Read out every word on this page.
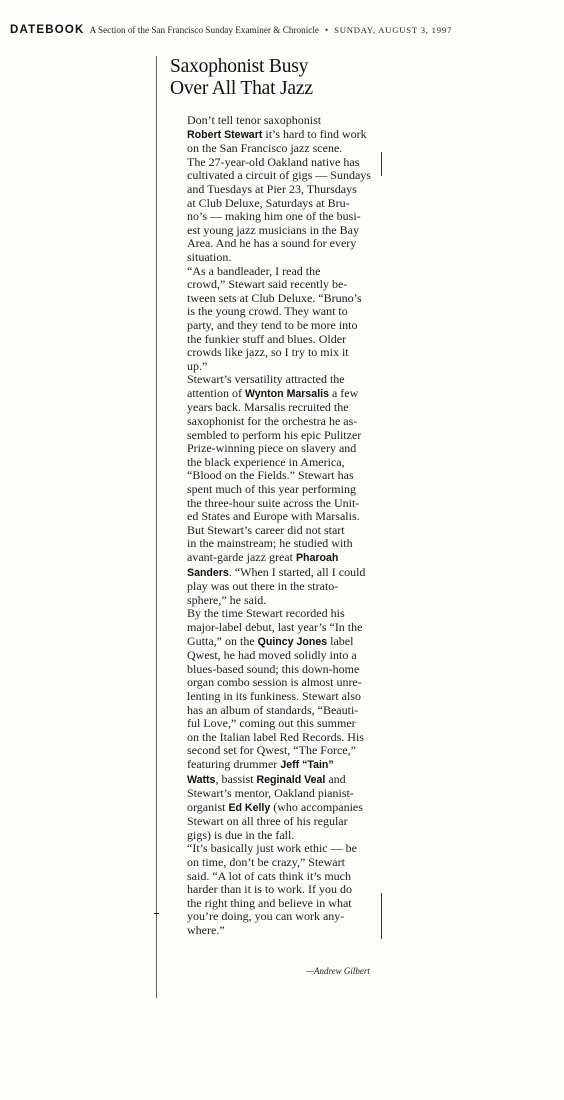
DATEBOOK A Section of the San Francisco Sunday Examiner & Chronicle • SUNDAY, AUGUST 3, 1997
Saxophonist Busy
Over All That Jazz

Don’t tell tenor saxophonist
Robert Stewart it’s hard to find work
on the San Francisco jazz scene.
The 27-year-old Oakland native has
cultivated a circuit of gigs — Sundays
and Tuesdays at Pier 23, Thursdays
at Club Deluxe, Saturdays at Bru-
no’s — making him one of the busi-
est young jazz musicians in the Bay
Area. And he has a sound for every
situation.

“As a bandleader, I read the
crowd,” Stewart said recently be-
tween sets at Club Deluxe. “Bruno’s
is the young crowd. They want to
party, and they tend to be more into
the funkier stuff and blues. Older
crowds like jazz, so I try to mix it
up.”

Stewart’s versatility attracted the
attention of Wynton Marsalis a few
years back. Marsalis recruited the
saxophonist for the orchestra he as-
sembled to perform his epic Pulitzer
Prize-winning piece on slavery and
the black experience in America,
“Blood on the Fields.” Stewart has
spent much of this year performing
the three-hour suite across the Unit-
ed States and Europe with Marsalis.

But Stewart’s career did not start
in the mainstream; he studied with
avant-garde jazz great Pharoah
Sanders. “When I started, all I could
play was out there in the strato-
sphere,” he said.

By the time Stewart recorded his
major-label debut, last year’s “In the
Gutta,” on the Quincy Jones label
Qwest, he had moved solidly into a
blues-based sound; this down-home
organ combo session is almost unre-
lenting in its funkiness. Stewart also
has an album of standards, “Beauti-
ful Love,” coming out this summer
on the Italian label Red Records. His
second set for Qwest, “The Force,”
featuring drummer Jeff “Tain”
Watts, bassist Reginald Veal and
Stewart’s mentor, Oakland pianist-
organist Ed Kelly (who accompanies
Stewart on all three of his regular
gigs) is due in the fall.

“It’s basically just work ethic — be
on time, don’t be crazy,” Stewart
said. “A lot of cats think it’s much
harder than it is to work. If you do
the right thing and believe in what
you’re doing, you can work any-
where.”

—Andrew Gilbert
